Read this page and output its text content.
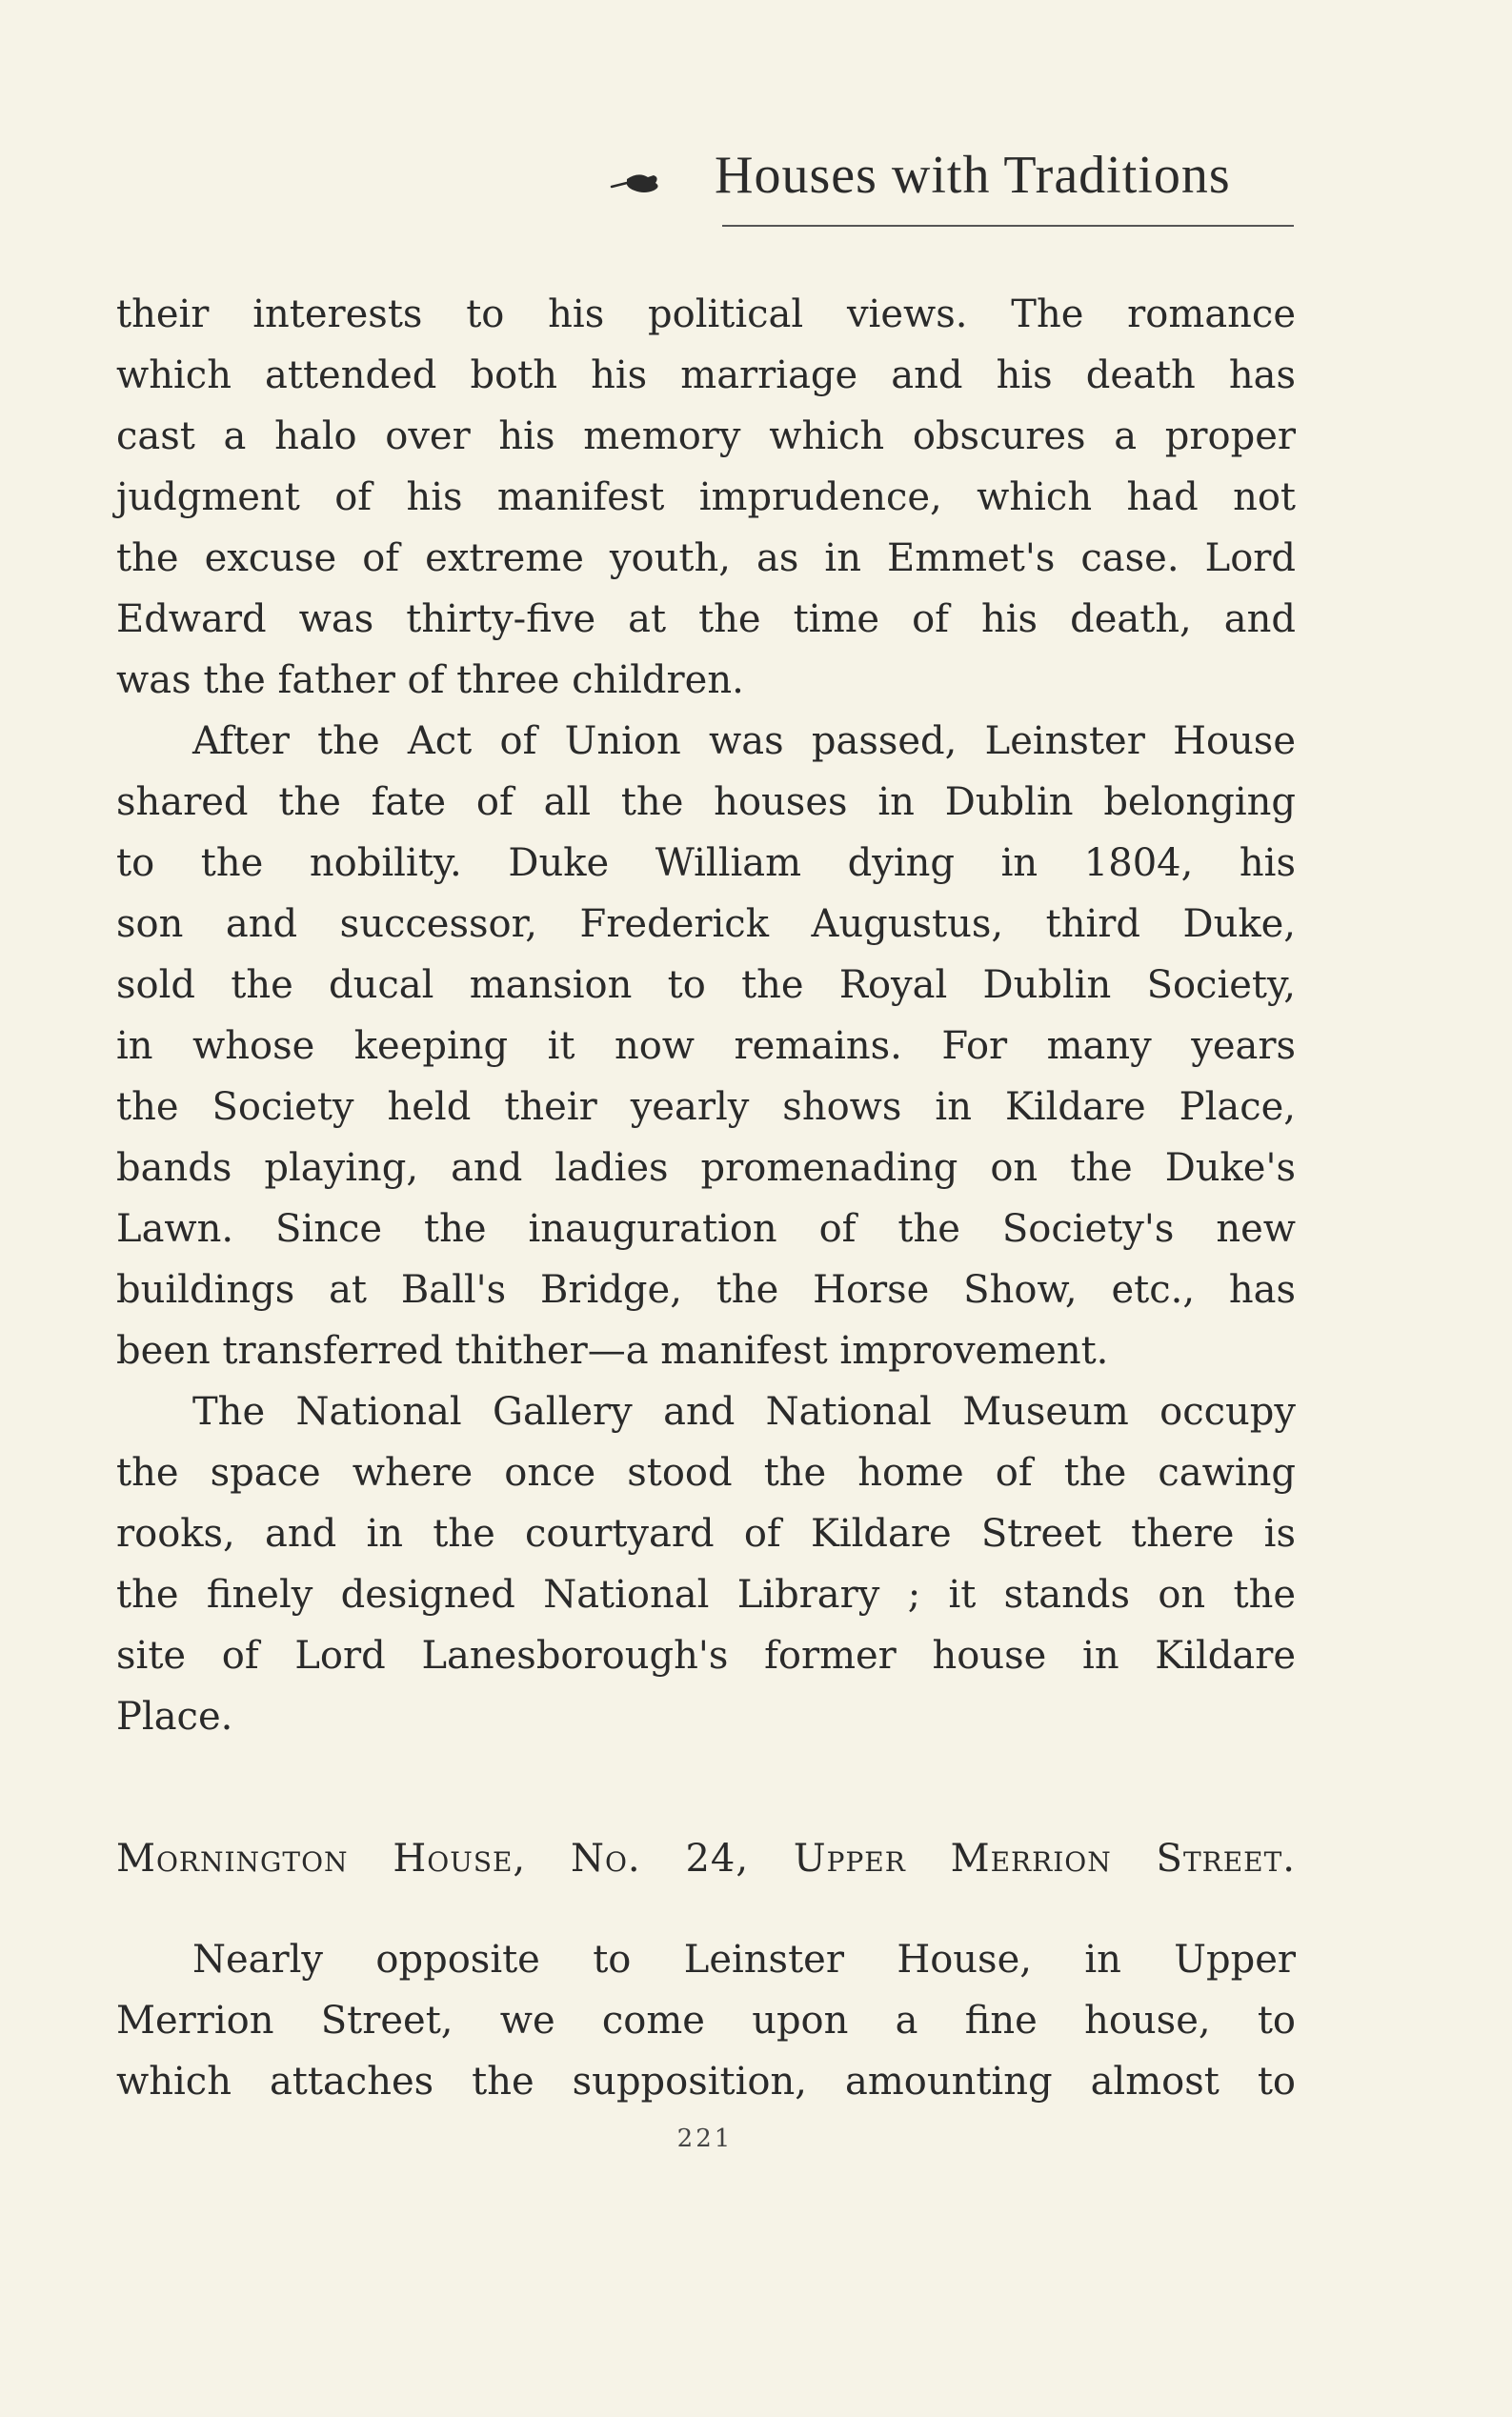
Houses with Traditions
their interests to his political views. The romance
which attended both his marriage and his death has
cast a halo over his memory which obscures a proper
judgment of his manifest imprudence, which had not
the excuse of extreme youth, as in Emmet's case. Lord
Edward was thirty-five at the time of his death, and
was the father of three children.
After the Act of Union was passed, Leinster House
shared the fate of all the houses in Dublin belonging
to the nobility. Duke William dying in 1804, his
son and successor, Frederick Augustus, third Duke,
sold the ducal mansion to the Royal Dublin Society,
in whose keeping it now remains. For many years
the Society held their yearly shows in Kildare Place,
bands playing, and ladies promenading on the Duke's
Lawn. Since the inauguration of the Society's new
buildings at Ball's Bridge, the Horse Show, etc., has
been transferred thither—a manifest improvement.
The National Gallery and National Museum occupy
the space where once stood the home of the cawing
rooks, and in the courtyard of Kildare Street there is
the finely designed National Library ; it stands on the
site of Lord Lanesborough's former house in Kildare
Place.
Mornington House, No. 24, Upper Merrion Street.
Nearly opposite to Leinster House, in Upper
Merrion Street, we come upon a fine house, to
which attaches the supposition, amounting almost to
221
